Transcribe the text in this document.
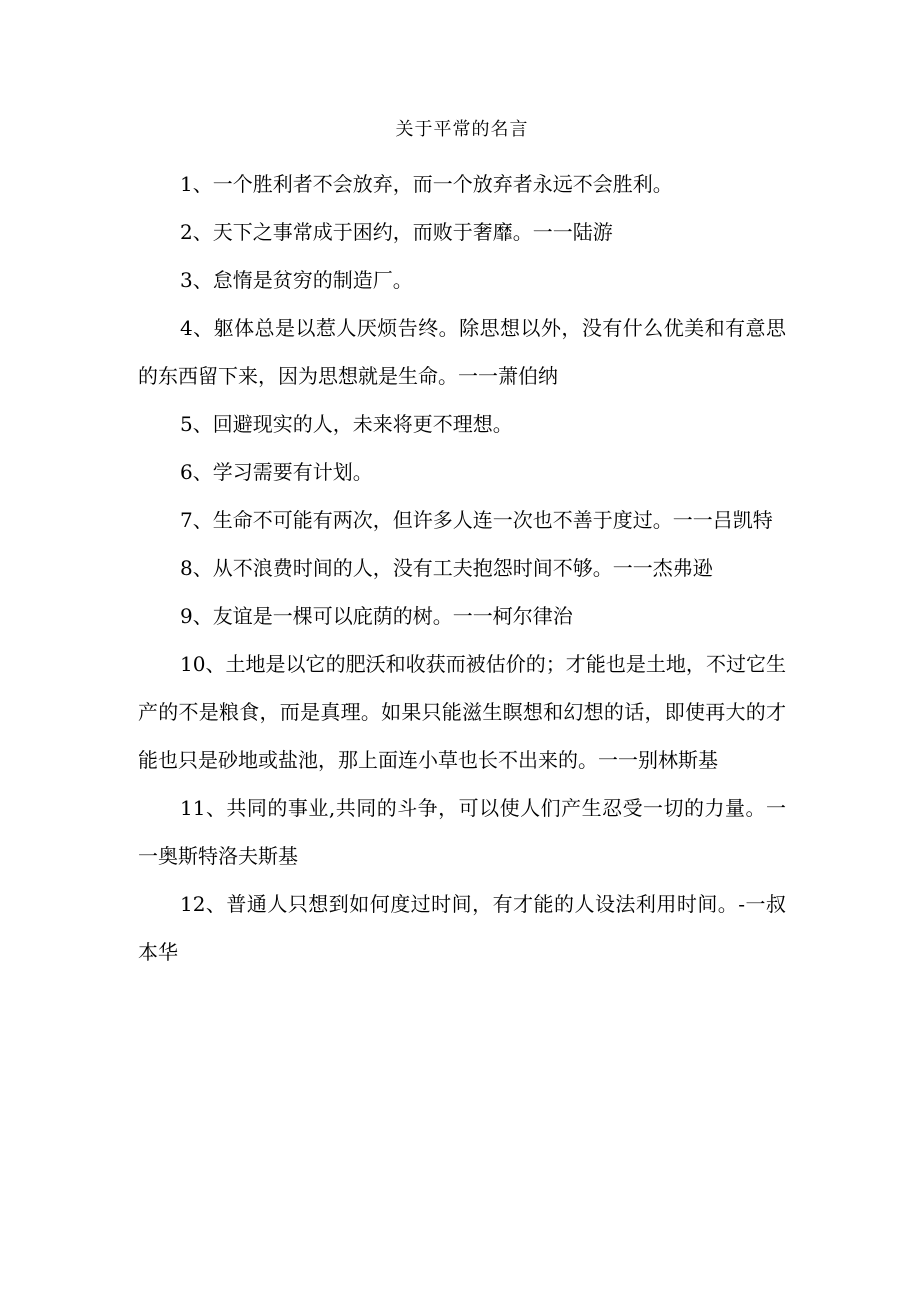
关于平常的名言

1、一个胜利者不会放弃，而一个放弃者永远不会胜利。

2、天下之事常成于困约，而败于奢靡。一一陆游

3、怠惰是贫穷的制造厂。

4、躯体总是以惹人厌烦告终。除思想以外，没有什么优美和有意思的东西留下来，因为思想就是生命。一一萧伯纳

5、回避现实的人，未来将更不理想。

6、学习需要有计划。

7、生命不可能有两次，但许多人连一次也不善于度过。一一吕凯特

8、从不浪费时间的人，没有工夫抱怨时间不够。一一杰弗逊

9、友谊是一棵可以庇荫的树。一一柯尔律治

10、土地是以它的肥沃和收获而被估价的；才能也是土地，不过它生产的不是粮食，而是真理。如果只能滋生瞑想和幻想的话，即使再大的才能也只是砂地或盐池，那上面连小草也长不出来的。一一别林斯基

11、共同的事业,共同的斗争，可以使人们产生忍受一切的力量。一一奥斯特洛夫斯基

12、普通人只想到如何度过时间，有才能的人设法利用时间。-一叔本华
